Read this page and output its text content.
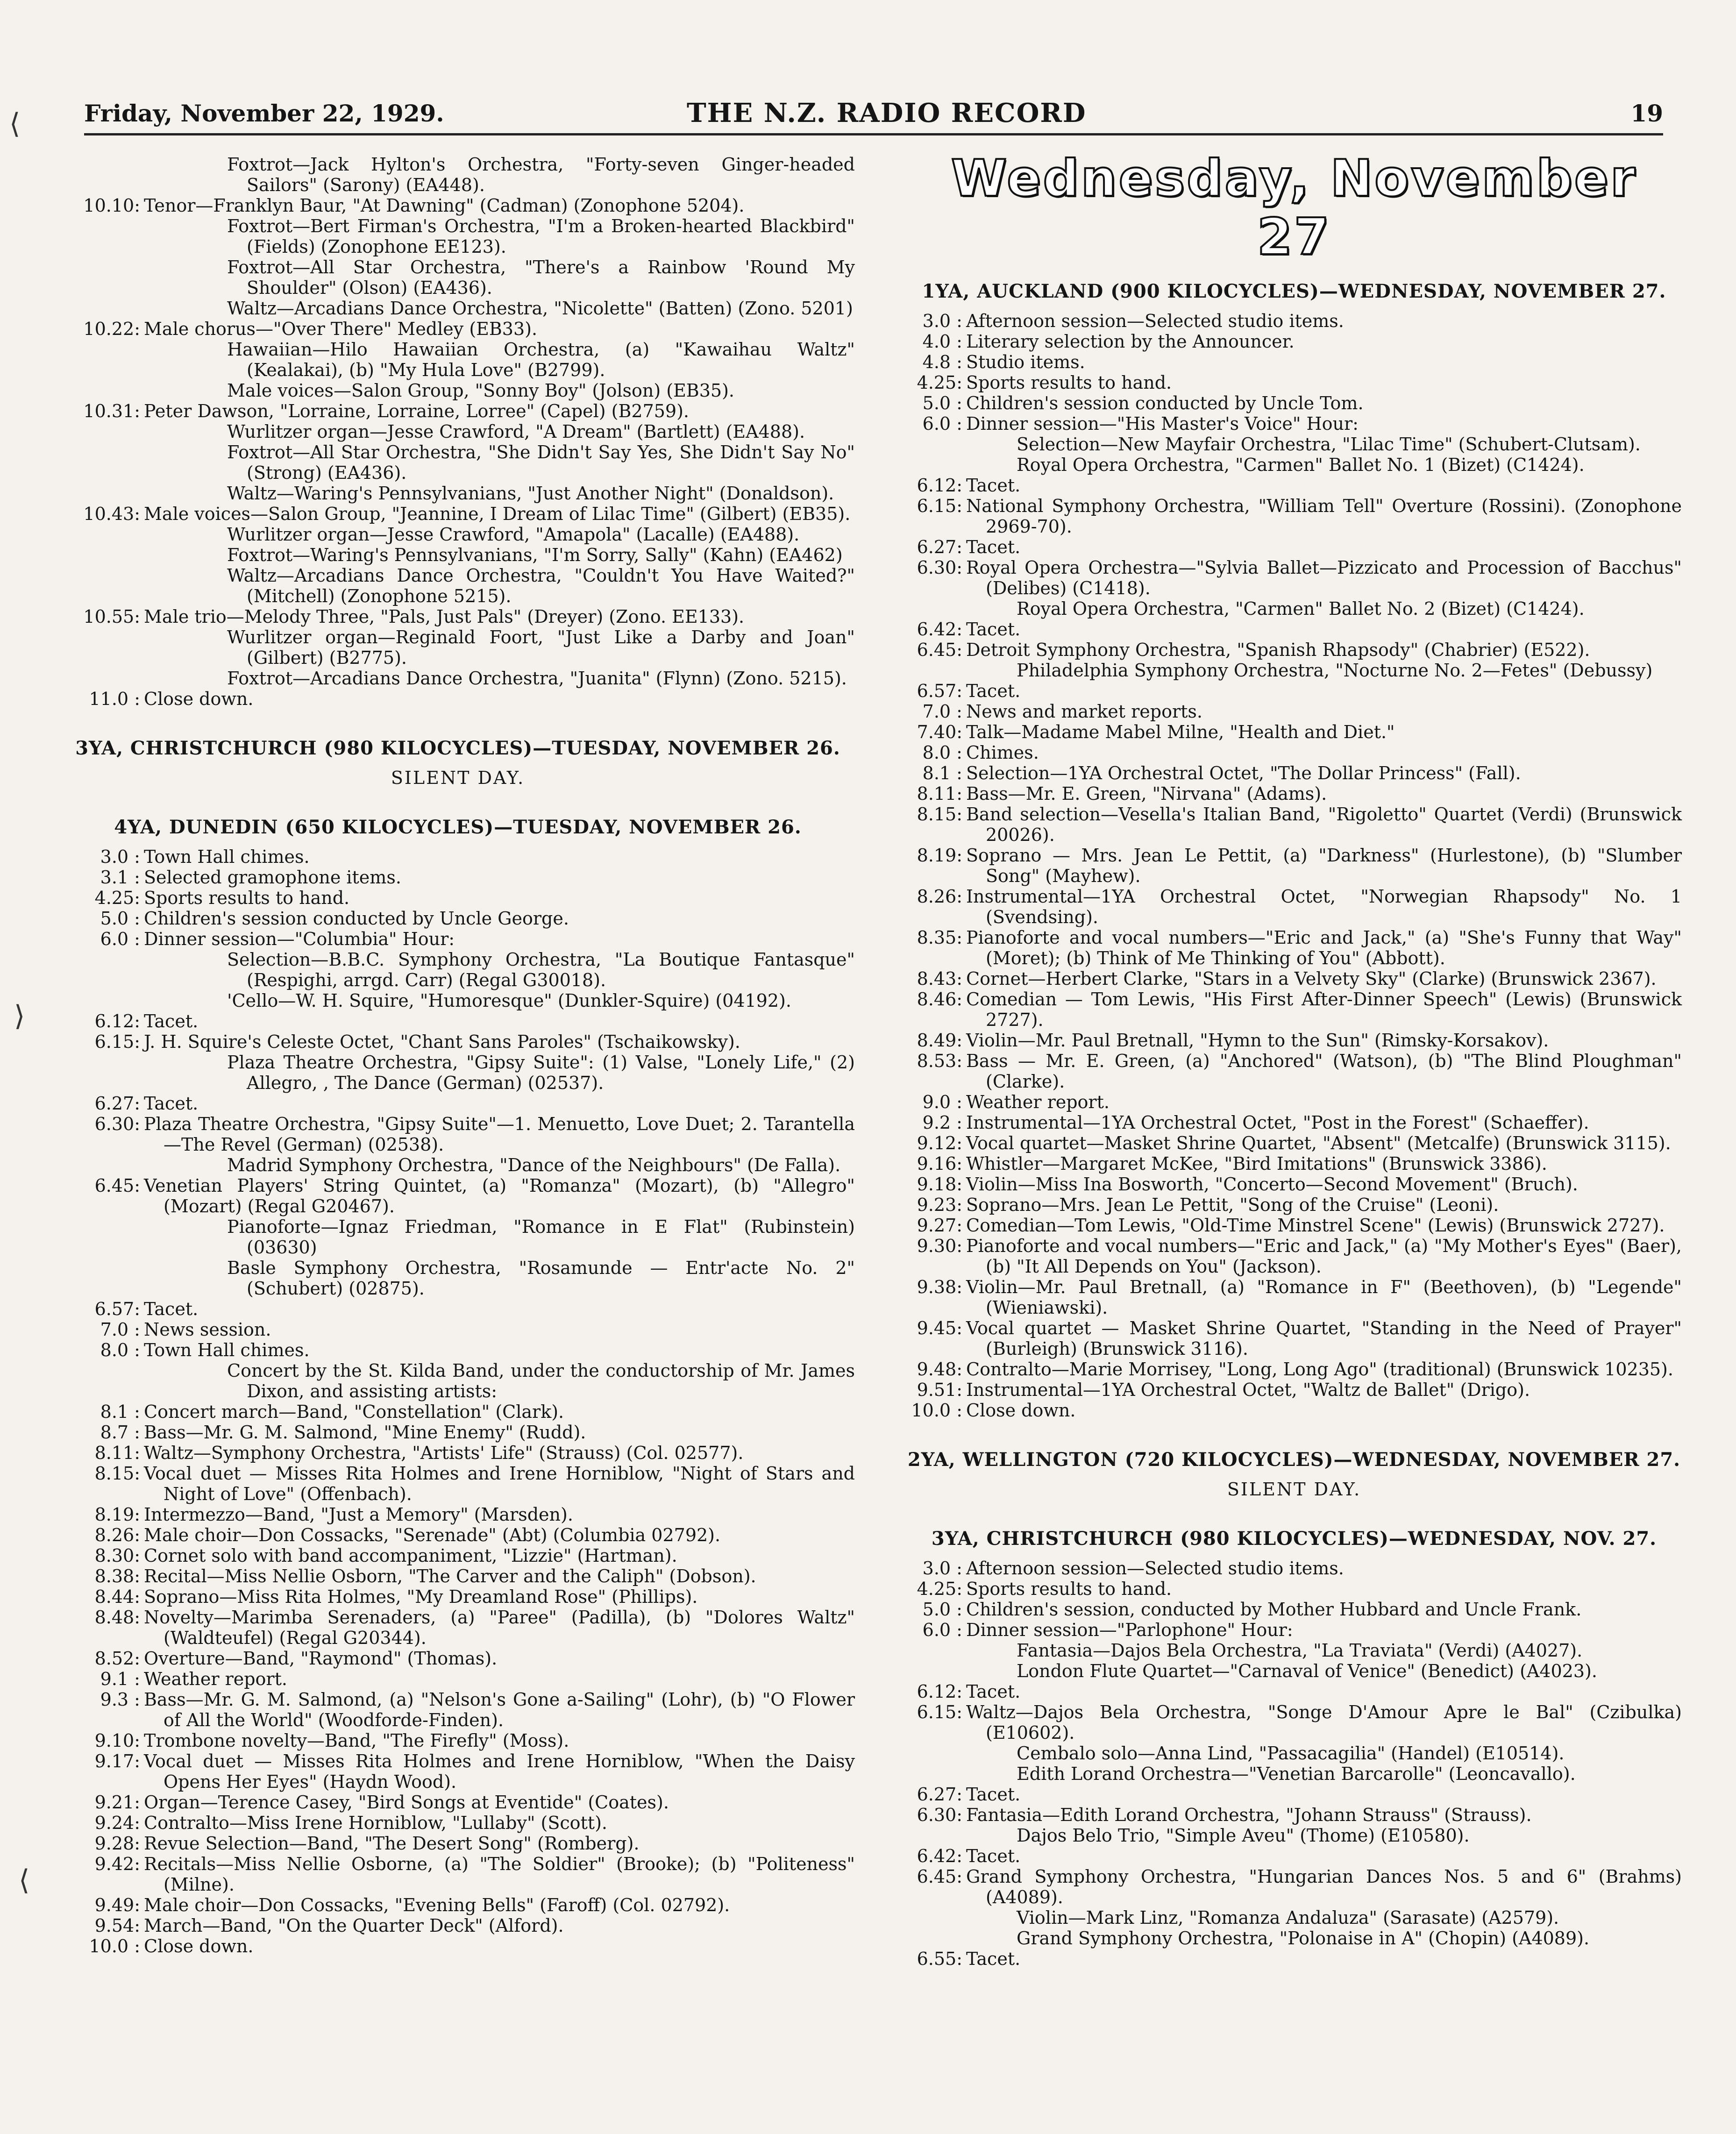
Friday, November 22, 1929.	THE N.Z. RADIO RECORD	19
Foxtrot—Jack Hylton's Orchestra, "Forty-seven Ginger-headed Sailors" (Sarony) (EA448).
10.10: Tenor—Franklyn Baur, "At Dawning" (Cadman) (Zonophone 5204).
Foxtrot—Bert Firman's Orchestra, "I'm a Broken-hearted Blackbird" (Fields) (Zonophone EE123).
Foxtrot—All Star Orchestra, "There's a Rainbow 'Round My Shoulder" (Olson) (EA436).
Waltz—Arcadians Dance Orchestra, "Nicolette" (Batten) (Zono. 5201)
10.22: Male chorus—"Over There" Medley (EB33).
Hawaiian—Hilo Hawaiian Orchestra, (a) "Kawaihau Waltz" (Kealakai), (b) "My Hula Love" (B2799).
Male voices—Salon Group, "Sonny Boy" (Jolson) (EB35).
10.31: Peter Dawson, "Lorraine, Lorraine, Lorree" (Capel) (B2759).
Wurlitzer organ—Jesse Crawford, "A Dream" (Bartlett) (EA488).
Foxtrot—All Star Orchestra, "She Didn't Say Yes, She Didn't Say No" (Strong) (EA436).
Waltz—Waring's Pennsylvanians, "Just Another Night" (Donaldson).
10.43: Male voices—Salon Group, "Jeannine, I Dream of Lilac Time" (Gilbert) (EB35).
Wurlitzer organ—Jesse Crawford, "Amapola" (Lacalle) (EA488).
Foxtrot—Waring's Pennsylvanians, "I'm Sorry, Sally" (Kahn) (EA462)
Waltz—Arcadians Dance Orchestra, "Couldn't You Have Waited?" (Mitchell) (Zonophone 5215).
10.55: Male trio—Melody Three, "Pals, Just Pals" (Dreyer) (Zono. EE133).
Wurlitzer organ—Reginald Foort, "Just Like a Darby and Joan" (Gilbert) (B2775).
Foxtrot—Arcadians Dance Orchestra, "Juanita" (Flynn) (Zono. 5215).
11.0 : Close down.
3YA, CHRISTCHURCH (980 KILOCYCLES)—TUESDAY, NOVEMBER 26.
SILENT DAY.
4YA, DUNEDIN (650 KILOCYCLES)—TUESDAY, NOVEMBER 26.
3.0 : Town Hall chimes.
3.1 : Selected gramophone items.
4.25: Sports results to hand.
5.0 : Children's session conducted by Uncle George.
6.0 : Dinner session—"Columbia" Hour:
Selection—B.B.C. Symphony Orchestra, "La Boutique Fantasque" (Respighi, arrgd. Carr) (Regal G30018).
'Cello—W. H. Squire, "Humoresque" (Dunkler-Squire) (04192).
6.12: Tacet.
6.15: J. H. Squire's Celeste Octet, "Chant Sans Paroles" (Tschaikowsky).
Plaza Theatre Orchestra, "Gipsy Suite": (1) Valse, "Lonely Life," (2) Allegro, , The Dance (German) (02537).
6.27: Tacet.
6.30: Plaza Theatre Orchestra, "Gipsy Suite"—1. Menuetto, Love Duet; 2. Tarantella—The Revel (German) (02538).
Madrid Symphony Orchestra, "Dance of the Neighbours" (De Falla).
6.45: Venetian Players' String Quintet, (a) "Romanza" (Mozart), (b) "Allegro" (Mozart) (Regal G20467).
Pianoforte—Ignaz Friedman, "Romance in E Flat" (Rubinstein) (03630)
Basle Symphony Orchestra, "Rosamunde — Entr'acte No. 2" (Schubert) (02875).
6.57: Tacet.
7.0 : News session.
8.0 : Town Hall chimes.
Concert by the St. Kilda Band, under the conductorship of Mr. James Dixon, and assisting artists:
8.1 : Concert march—Band, "Constellation" (Clark).
8.7 : Bass—Mr. G. M. Salmond, "Mine Enemy" (Rudd).
8.11: Waltz—Symphony Orchestra, "Artists' Life" (Strauss) (Col. 02577).
8.15: Vocal duet — Misses Rita Holmes and Irene Horniblow, "Night of Stars and Night of Love" (Offenbach).
8.19: Intermezzo—Band, "Just a Memory" (Marsden).
8.26: Male choir—Don Cossacks, "Serenade" (Abt) (Columbia 02792).
8.30: Cornet solo with band accompaniment, "Lizzie" (Hartman).
8.38: Recital—Miss Nellie Osborn, "The Carver and the Caliph" (Dobson).
8.44: Soprano—Miss Rita Holmes, "My Dreamland Rose" (Phillips).
8.48: Novelty—Marimba Serenaders, (a) "Paree" (Padilla), (b) "Dolores Waltz" (Waldteufel) (Regal G20344).
8.52: Overture—Band, "Raymond" (Thomas).
9.1 : Weather report.
9.3 : Bass—Mr. G. M. Salmond, (a) "Nelson's Gone a-Sailing" (Lohr), (b) "O Flower of All the World" (Woodforde-Finden).
9.10: Trombone novelty—Band, "The Firefly" (Moss).
9.17: Vocal duet — Misses Rita Holmes and Irene Horniblow, "When the Daisy Opens Her Eyes" (Haydn Wood).
9.21: Organ—Terence Casey, "Bird Songs at Eventide" (Coates).
9.24: Contralto—Miss Irene Horniblow, "Lullaby" (Scott).
9.28: Revue Selection—Band, "The Desert Song" (Romberg).
9.42: Recitals—Miss Nellie Osborne, (a) "The Soldier" (Brooke); (b) "Politeness" (Milne).
9.49: Male choir—Don Cossacks, "Evening Bells" (Faroff) (Col. 02792).
9.54: March—Band, "On the Quarter Deck" (Alford).
10.0 : Close down.
Wednesday, November 27
1YA, AUCKLAND (900 KILOCYCLES)—WEDNESDAY, NOVEMBER 27.
3.0 : Afternoon session—Selected studio items.
4.0 : Literary selection by the Announcer.
4.8 : Studio items.
4.25: Sports results to hand.
5.0 : Children's session conducted by Uncle Tom.
6.0 : Dinner session—"His Master's Voice" Hour:
Selection—New Mayfair Orchestra, "Lilac Time" (Schubert-Clutsam).
Royal Opera Orchestra, "Carmen" Ballet No. 1 (Bizet) (C1424).
6.12: Tacet.
6.15: National Symphony Orchestra, "William Tell" Overture (Rossini). (Zonophone 2969-70).
6.27: Tacet.
6.30: Royal Opera Orchestra—"Sylvia Ballet—Pizzicato and Procession of Bacchus" (Delibes) (C1418).
Royal Opera Orchestra, "Carmen" Ballet No. 2 (Bizet) (C1424).
6.42: Tacet.
6.45: Detroit Symphony Orchestra, "Spanish Rhapsody" (Chabrier) (E522).
Philadelphia Symphony Orchestra, "Nocturne No. 2—Fetes" (Debussy)
6.57: Tacet.
7.0 : News and market reports.
7.40: Talk—Madame Mabel Milne, "Health and Diet."
8.0 : Chimes.
8.1 : Selection—1YA Orchestral Octet, "The Dollar Princess" (Fall).
8.11: Bass—Mr. E. Green, "Nirvana" (Adams).
8.15: Band selection—Vesella's Italian Band, "Rigoletto" Quartet (Verdi) (Brunswick 20026).
8.19: Soprano — Mrs. Jean Le Pettit, (a) "Darkness" (Hurlestone), (b) "Slumber Song" (Mayhew).
8.26: Instrumental—1YA Orchestral Octet, "Norwegian Rhapsody" No. 1 (Svendsing).
8.35: Pianoforte and vocal numbers—"Eric and Jack," (a) "She's Funny that Way" (Moret); (b) Think of Me Thinking of You" (Abbott).
8.43: Cornet—Herbert Clarke, "Stars in a Velvety Sky" (Clarke) (Brunswick 2367).
8.46: Comedian — Tom Lewis, "His First After-Dinner Speech" (Lewis) (Brunswick 2727).
8.49: Violin—Mr. Paul Bretnall, "Hymn to the Sun" (Rimsky-Korsakov).
8.53: Bass — Mr. E. Green, (a) "Anchored" (Watson), (b) "The Blind Ploughman" (Clarke).
9.0 : Weather report.
9.2 : Instrumental—1YA Orchestral Octet, "Post in the Forest" (Schaeffer).
9.12: Vocal quartet—Masket Shrine Quartet, "Absent" (Metcalfe) (Brunswick 3115).
9.16: Whistler—Margaret McKee, "Bird Imitations" (Brunswick 3386).
9.18: Violin—Miss Ina Bosworth, "Concerto—Second Movement" (Bruch).
9.23: Soprano—Mrs. Jean Le Pettit, "Song of the Cruise" (Leoni).
9.27: Comedian—Tom Lewis, "Old-Time Minstrel Scene" (Lewis) (Brunswick 2727).
9.30: Pianoforte and vocal numbers—"Eric and Jack," (a) "My Mother's Eyes" (Baer), (b) "It All Depends on You" (Jackson).
9.38: Violin—Mr. Paul Bretnall, (a) "Romance in F" (Beethoven), (b) "Legende" (Wieniawski).
9.45: Vocal quartet — Masket Shrine Quartet, "Standing in the Need of Prayer" (Burleigh) (Brunswick 3116).
9.48: Contralto—Marie Morrisey, "Long, Long Ago" (traditional) (Brunswick 10235).
9.51: Instrumental—1YA Orchestral Octet, "Waltz de Ballet" (Drigo).
10.0 : Close down.
2YA, WELLINGTON (720 KILOCYCLES)—WEDNESDAY, NOVEMBER 27.
SILENT DAY.
3YA, CHRISTCHURCH (980 KILOCYCLES)—WEDNESDAY, NOV. 27.
3.0 : Afternoon session—Selected studio items.
4.25: Sports results to hand.
5.0 : Children's session, conducted by Mother Hubbard and Uncle Frank.
6.0 : Dinner session—"Parlophone" Hour:
Fantasia—Dajos Bela Orchestra, "La Traviata" (Verdi) (A4027).
London Flute Quartet—"Carnaval of Venice" (Benedict) (A4023).
6.12: Tacet.
6.15: Waltz—Dajos Bela Orchestra, "Songe D'Amour Apre le Bal" (Czibulka) (E10602).
Cembalo solo—Anna Lind, "Passacagilia" (Handel) (E10514).
Edith Lorand Orchestra—"Venetian Barcarolle" (Leoncavallo).
6.27: Tacet.
6.30: Fantasia—Edith Lorand Orchestra, "Johann Strauss" (Strauss).
Dajos Belo Trio, "Simple Aveu" (Thome) (E10580).
6.42: Tacet.
6.45: Grand Symphony Orchestra, "Hungarian Dances Nos. 5 and 6" (Brahms) (A4089).
Violin—Mark Linz, "Romanza Andaluza" (Sarasate) (A2579).
Grand Symphony Orchestra, "Polonaise in A" (Chopin) (A4089).
6.55: Tacet.
⟨
⟩
⟨
